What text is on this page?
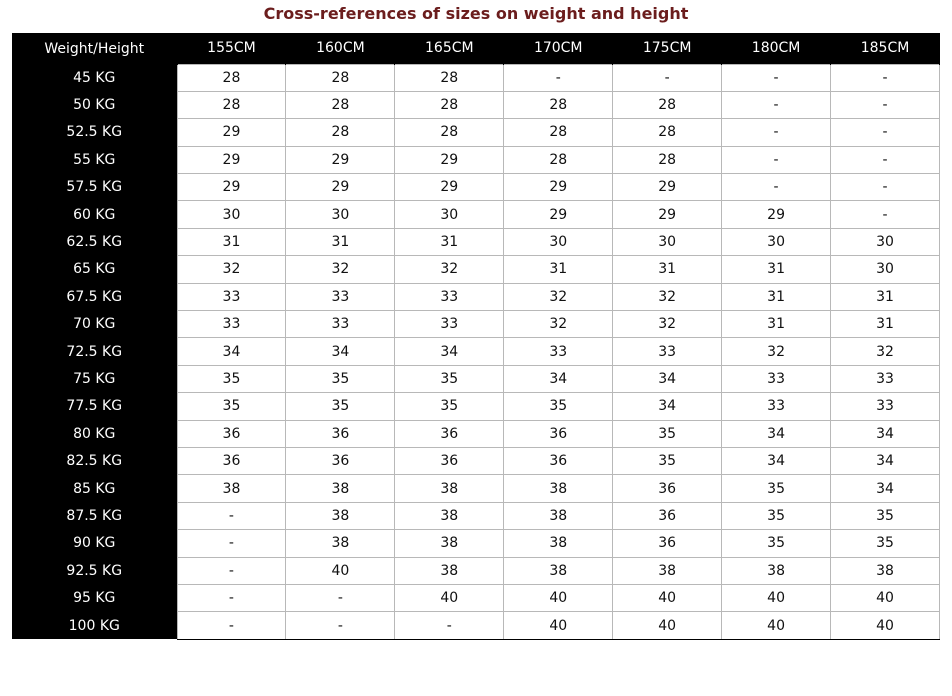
Cross-references of sizes on weight and height
Weight/Height	155CM	160CM	165CM	170CM	175CM	180CM	185CM
45 KG	28	28	28	-	-	-	-
50 KG	28	28	28	28	28	-	-
52.5 KG	29	28	28	28	28	-	-
55 KG	29	29	29	28	28	-	-
57.5 KG	29	29	29	29	29	-	-
60 KG	30	30	30	29	29	29	-
62.5 KG	31	31	31	30	30	30	30
65 KG	32	32	32	31	31	31	30
67.5 KG	33	33	33	32	32	31	31
70 KG	33	33	33	32	32	31	31
72.5 KG	34	34	34	33	33	32	32
75 KG	35	35	35	34	34	33	33
77.5 KG	35	35	35	35	34	33	33
80 KG	36	36	36	36	35	34	34
82.5 KG	36	36	36	36	35	34	34
85 KG	38	38	38	38	36	35	34
87.5 KG	-	38	38	38	36	35	35
90 KG	-	38	38	38	36	35	35
92.5 KG	-	40	38	38	38	38	38
95 KG	-	-	40	40	40	40	40
100 KG	-	-	-	40	40	40	40
